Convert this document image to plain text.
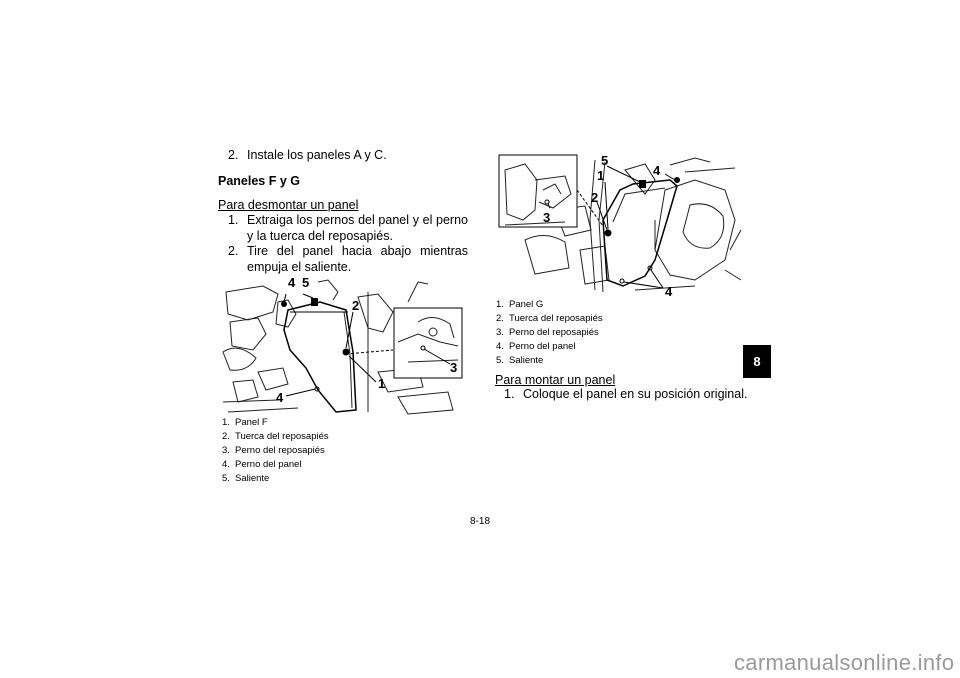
2. Instale los paneles A y C.
Paneles F y G
Para desmontar un panel
1. Extraiga los pernos del panel y el perno y la tuerca del reposapiés.
2. Tire del panel hacia abajo mientras empuja el saliente.
4 5
2
3
1
4
1. Panel F
2. Tuerca del reposapiés
3. Perno del reposapiés
4. Perno del panel
5. Saliente
5
1	4
2
3
4
1. Panel G
2. Tuerca del reposapiés
3. Perno del reposapiés
4. Perno del panel
5. Saliente
Para montar un panel
1. Coloque el panel en su posición original.
8
8-18
carmanualsonline.info
